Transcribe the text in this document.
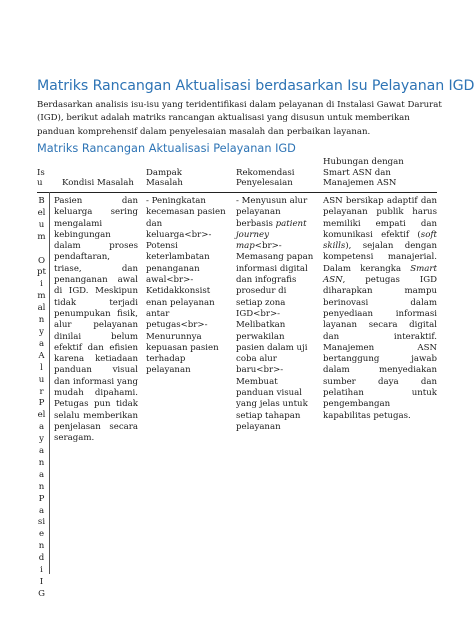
Matriks Rancangan Aktualisasi berdasarkan Isu Pelayanan IGD

Berdasarkan analisis isu-isu yang teridentifikasi dalam pelayanan di Instalasi Gawat Darurat (IGD), berikut adalah matriks rancangan aktualisasi yang disusun untuk memberikan panduan komprehensif dalam penyelesaian masalah dan perbaikan layanan.

Matriks Rancangan Aktualisasi Pelayanan IGD
Is
u	Kondisi Masalah
Dampak
Masalah
Rekomendasi
Penyelesaian
Hubungan dengan
Smart ASN dan
Manajemen ASN
B
el
u
m

O
pt
i
m
al
n
y
a
A
l
u
r
P
el
a
y
a
n
a
n
P
a
si
e
n
d
i
I
G
Pasien dan keluarga sering mengalami kebingungan dalam proses pendaftaran, triase, dan penanganan awal di IGD. Meskipun tidak terjadi penumpukan fisik, alur pelayanan dinilai belum efektif dan efisien karena ketiadaan panduan visual dan informasi yang mudah dipahami. Petugas pun tidak selalu memberikan penjelasan secara seragam.
- Peningkatan kecemasan pasien dan keluarga<br>- Potensi keterlambatan penanganan awal<br>- Ketidakkonsist enan pelayanan antar petugas<br>- Menurunnya kepuasan pasien terhadap pelayanan
- Menyusun alur pelayanan berbasis patient journey map<br>- Memasang papan informasi digital dan infografis prosedur di setiap zona IGD<br>- Melibatkan perwakilan pasien dalam uji coba alur baru<br>- Membuat panduan visual yang jelas untuk setiap tahapan pelayanan
ASN bersikap adaptif dan pelayanan publik harus memiliki empati dan komunikasi efektif (soft skills), sejalan dengan kompetensi manajerial. Dalam kerangka Smart ASN, petugas IGD diharapkan mampu berinovasi dalam penyediaan informasi layanan secara digital dan interaktif. Manajemen ASN bertanggung jawab dalam menyediakan sumber daya dan pelatihan untuk pengembangan kapabilitas petugas.
